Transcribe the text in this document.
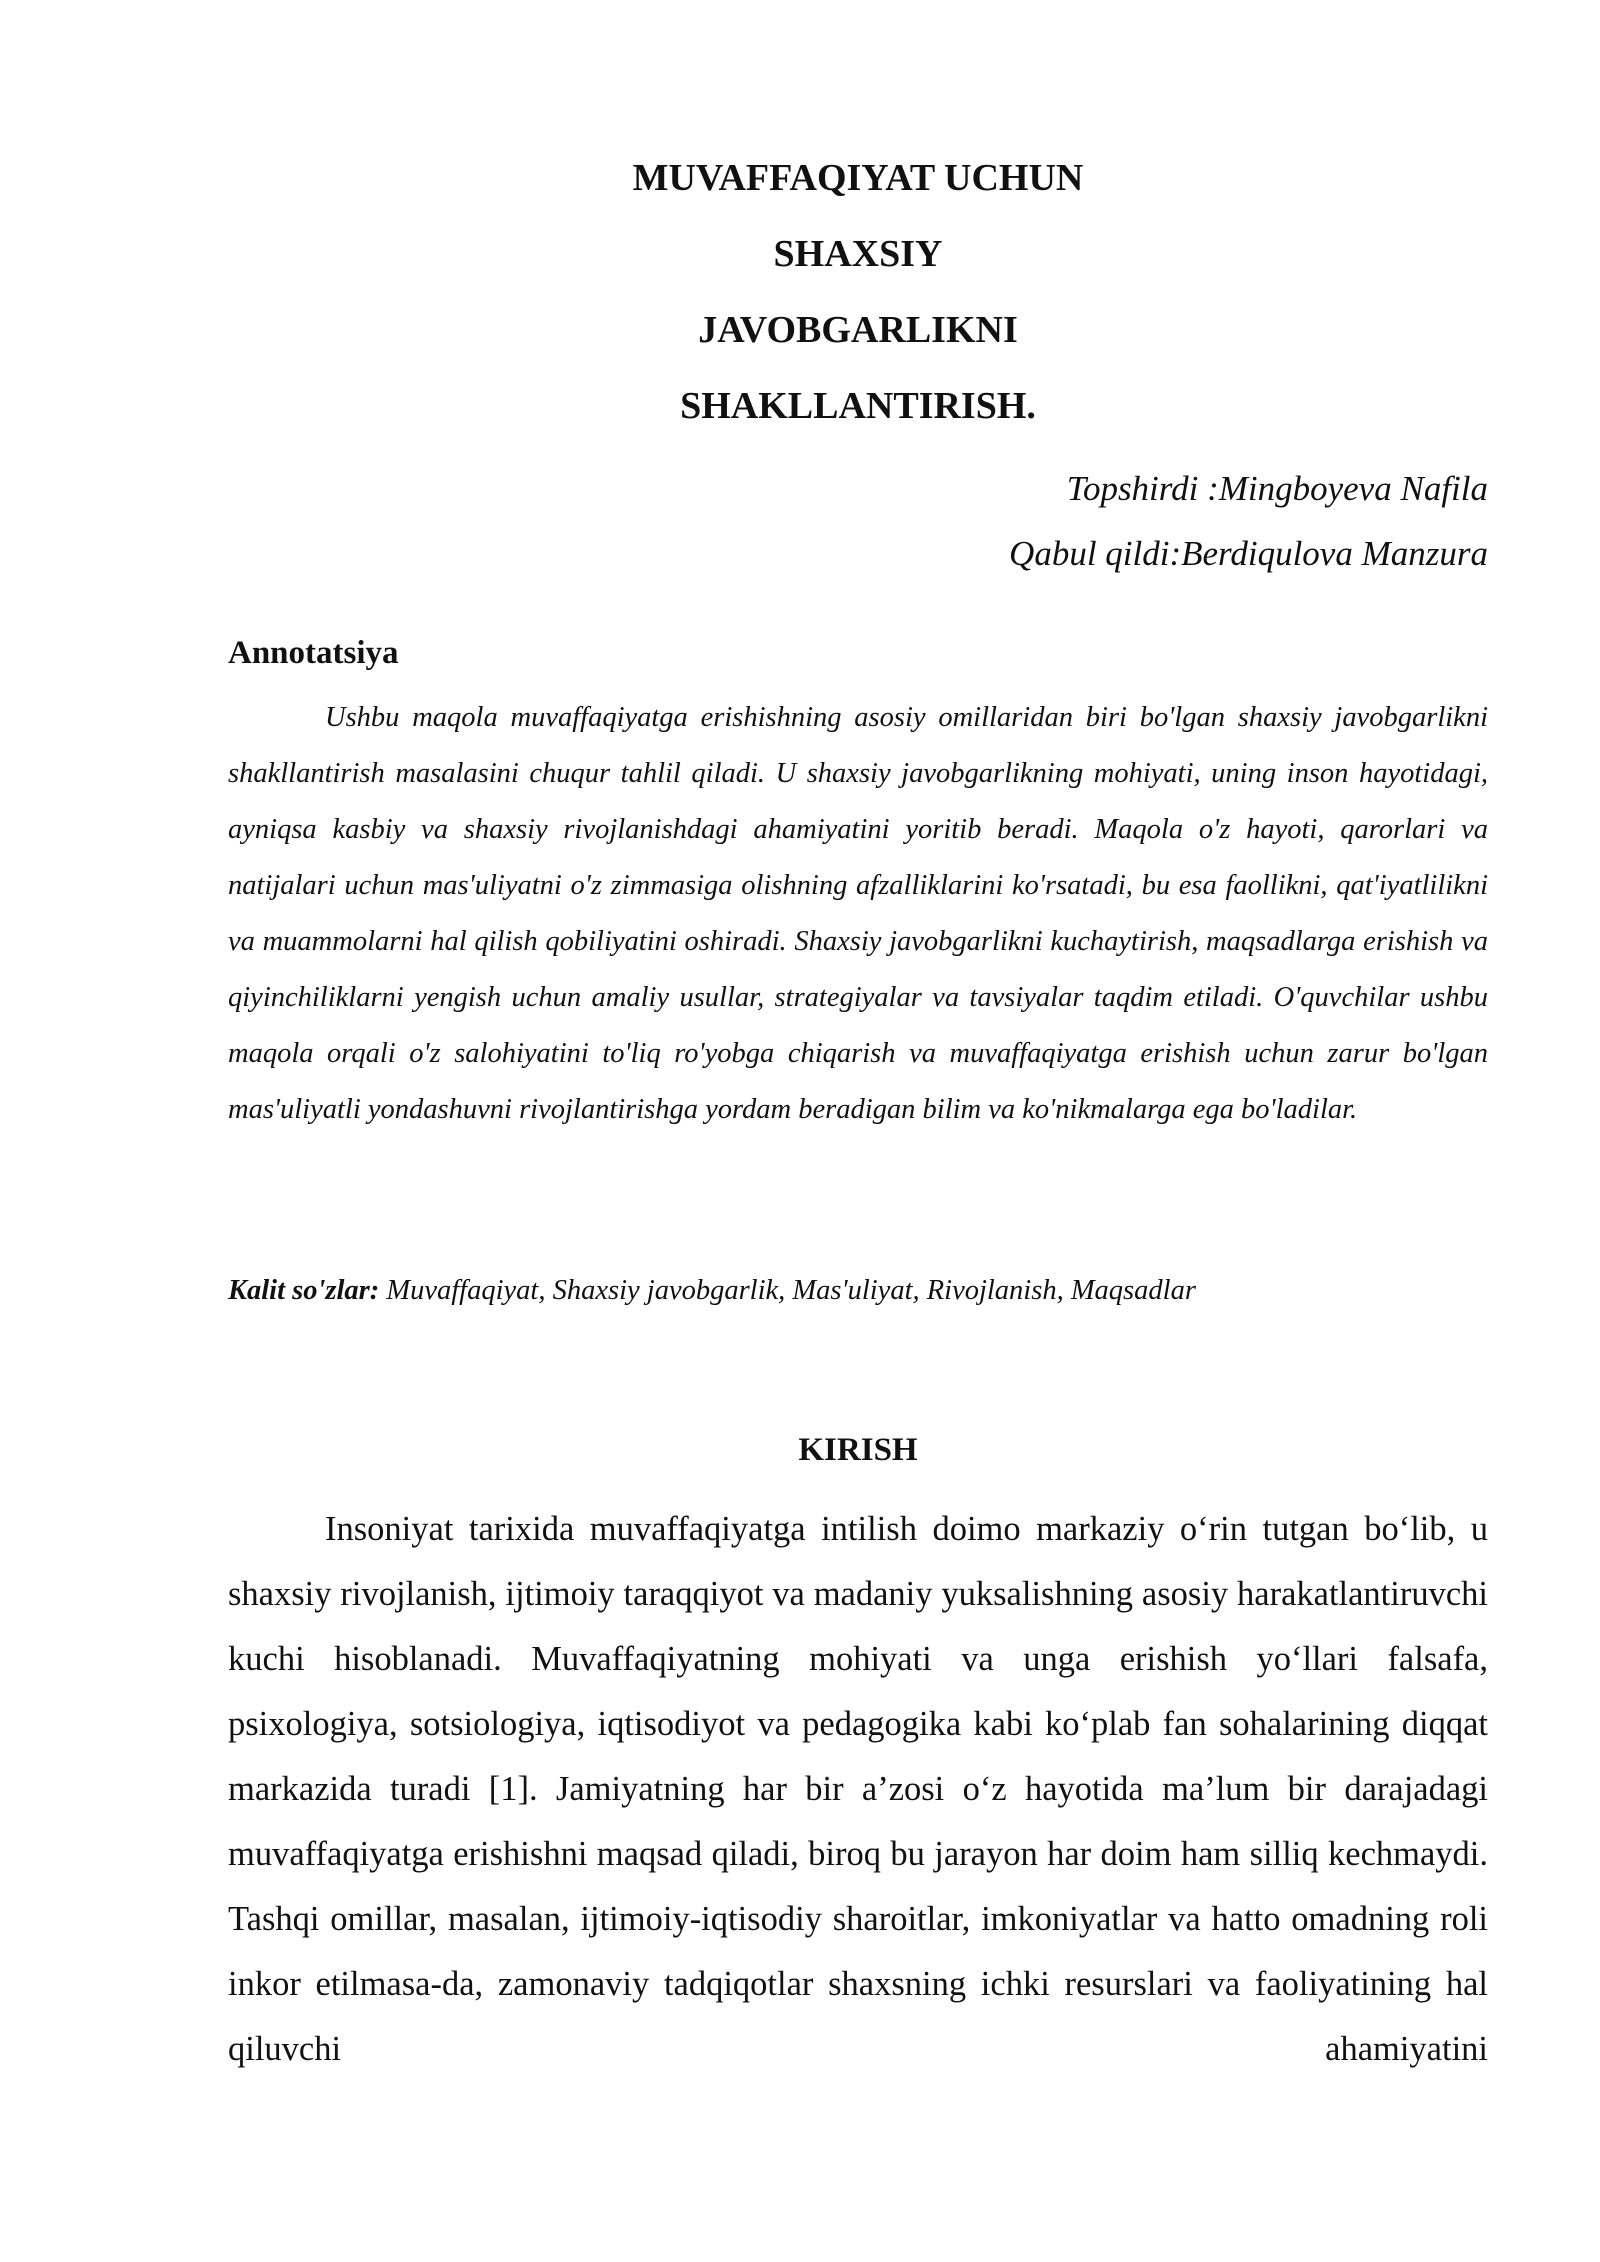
MUVAFFAQIYAT UCHUN
SHAXSIY
JAVOBGARLIKNI
SHAKLLANTIRISH.
Topshirdi :Mingboyeva Nafila
Qabul qildi:Berdiqulova Manzura
Annotatsiya

Ushbu maqola muvaffaqiyatga erishishning asosiy omillaridan biri bo'lgan shaxsiy javobgarlikni shakllantirish masalasini chuqur tahlil qiladi. U shaxsiy javobgarlikning mohiyati, uning inson hayotidagi, ayniqsa kasbiy va shaxsiy rivojlanishdagi ahamiyatini yoritib beradi. Maqola o'z hayoti, qarorlari va natijalari uchun mas'uliyatni o'z zimmasiga olishning afzalliklarini ko'rsatadi, bu esa faollikni, qat'iyatlilikni va muammolarni hal qilish qobiliyatini oshiradi. Shaxsiy javobgarlikni kuchaytirish, maqsadlarga erishish va qiyinchiliklarni yengish uchun amaliy usullar, strategiyalar va tavsiyalar taqdim etiladi. O'quvchilar ushbu maqola orqali o'z salohiyatini to'liq ro'yobga chiqarish va muvaffaqiyatga erishish uchun zarur bo'lgan mas'uliyatli yondashuvni rivojlantirishga yordam beradigan bilim va ko'nikmalarga ega bo'ladilar.

Kalit so'zlar: Muvaffaqiyat, Shaxsiy javobgarlik, Mas'uliyat, Rivojlanish, Maqsadlar

KIRISH

Insoniyat tarixida muvaffaqiyatga intilish doimo markaziy o‘rin tutgan bo‘lib, u shaxsiy rivojlanish, ijtimoiy taraqqiyot va madaniy yuksalishning asosiy harakatlantiruvchi kuchi hisoblanadi. Muvaffaqiyatning mohiyati va unga erishish yo‘llari falsafa, psixologiya, sotsiologiya, iqtisodiyot va pedagogika kabi ko‘plab fan sohalarining diqqat markazida turadi [1]. Jamiyatning har bir a’zosi o‘z hayotida ma’lum bir darajadagi muvaffaqiyatga erishishni maqsad qiladi, biroq bu jarayon har doim ham silliq kechmaydi. Tashqi omillar, masalan, ijtimoiy-iqtisodiy sharoitlar, imkoniyatlar va hatto omadning roli inkor etilmasa-da, zamonaviy tadqiqotlar shaxsning ichki resurslari va faoliyatining hal qiluvchi ahamiyatini
